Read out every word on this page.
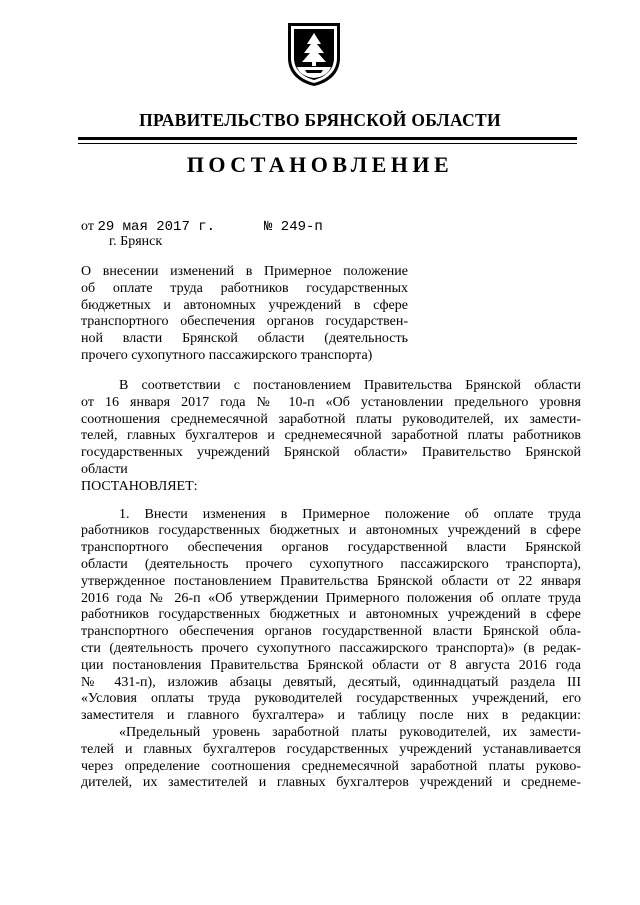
ПРАВИТЕЛЬСТВО БРЯНСКОЙ ОБЛАСТИ
ПОСТАНОВЛЕНИЕ
от 29 мая 2017 г.	№ 249-п
г. Брянск
О внесении изменений в Примерное положение
об оплате труда работников государственных
бюджетных и автономных учреждений в сфере
транспортного обеспечения органов государствен-
ной власти Брянской области (деятельность
прочего сухопутного пассажирского транспорта)
В соответствии с постановлением Правительства Брянской области
от 16 января 2017 года № 10-п «Об установлении предельного уровня
соотношения среднемесячной заработной платы руководителей, их замести-
телей, главных бухгалтеров и среднемесячной заработной платы работников
государственных учреждений Брянской области» Правительство Брянской
области
ПОСТАНОВЛЯЕТ:
1. Внести изменения в Примерное положение об оплате труда
работников государственных бюджетных и автономных учреждений в сфере
транспортного обеспечения органов государственной власти Брянской
области (деятельность прочего сухопутного пассажирского транспорта),
утвержденное постановлением Правительства Брянской области от 22 января
2016 года № 26-п «Об утверждении Примерного положения об оплате труда
работников государственных бюджетных и автономных учреждений в сфере
транспортного обеспечения органов государственной власти Брянской обла-
сти (деятельность прочего сухопутного пассажирского транспорта)» (в редак-
ции постановления Правительства Брянской области от 8 августа 2016 года
№ 431-п), изложив абзацы девятый, десятый, одиннадцатый раздела III
«Условия оплаты труда руководителей государственных учреждений, его
заместителя и главного бухгалтера» и таблицу после них в редакции:
«Предельный уровень заработной платы руководителей, их замести-
телей и главных бухгалтеров государственных учреждений устанавливается
через определение соотношения среднемесячной заработной платы руково-
дителей, их заместителей и главных бухгалтеров учреждений и среднеме-
